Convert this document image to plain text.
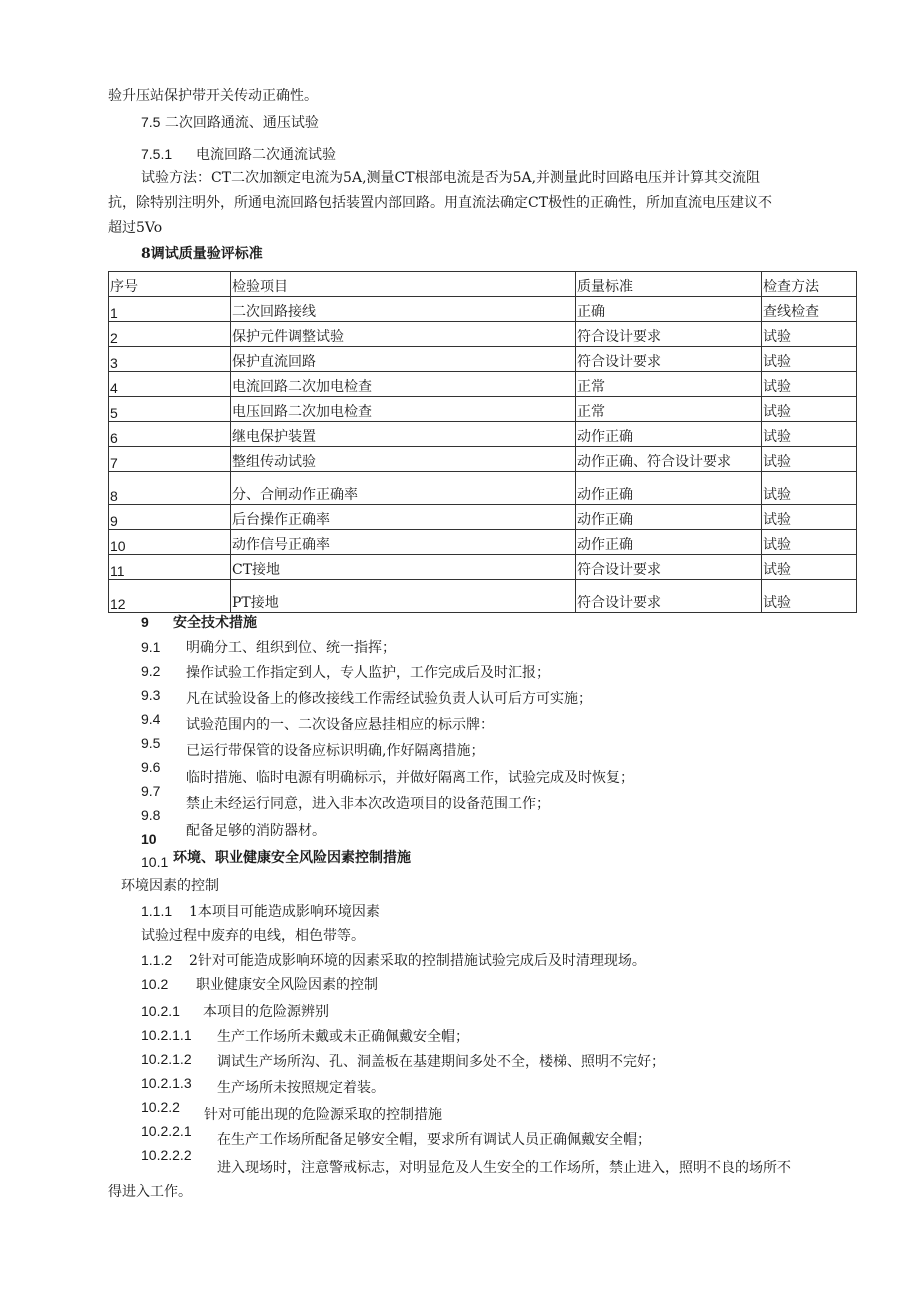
验升压站保护带开关传动正确性。
7.5 二次回路通流、通压试验
7.5.1 电流回路二次通流试验
试验方法：CT二次加额定电流为5A,测量CT根部电流是否为5A,并测量此时回路电压并计算其交流阻
抗，除特别注明外，所通电流回路包括装置内部回路。用直流法确定CT极性的正确性，所加直流电压建议不
超过5Vo
8调试质量验评标准
序号	检验项目	质量标准	检查方法
1	二次回路接线	正确	查线检查
2	保护元件调整试验	符合设计要求	试验
3	保护直流回路	符合设计要求	试验
4	电流回路二次加电检查	正常	试验
5	电压回路二次加电检查	正常	试验
6	继电保护装置	动作正确	试验
7	整组传动试验	动作正确、符合设计要求	试验
8	分、合闸动作正确率	动作正确	试验
9	后台操作正确率	动作正确	试验
10	动作信号正确率	动作正确	试验
11	CT接地	符合设计要求	试验
12	PT接地	符合设计要求	试验
9 安全技术措施
9.1
9.2
9.3
9.4
9.5
9.6
9.7
9.8
10
10.1
明确分工、组织到位、统一指挥；
操作试验工作指定到人，专人监护，工作完成后及时汇报；
凡在试验设备上的修改接线工作需经试验负责人认可后方可实施；
试验范围内的一、二次设备应悬挂相应的标示牌：
已运行带保管的设备应标识明确,作好隔离措施；
临时措施、临时电源有明确标示，并做好隔离工作，试验完成及时恢复；
禁止未经运行同意，进入非本次改造项目的设备范围工作；
配备足够的消防器材。
环境、职业健康安全风险因素控制措施
环境因素的控制
1.1.1 1本项目可能造成影响环境因素
试验过程中废弃的电线，相色带等。
1.1.2 2针对可能造成影响环境的因素采取的控制措施试验完成后及时清理现场。
10.2 职业健康安全风险因素的控制
10.2.1 本项目的危险源辨别
10.2.1.1
10.2.1.2
10.2.1.3
生产工作场所未戴或未正确佩戴安全帽；
调试生产场所沟、孔、洞盖板在基建期间多处不全，楼梯、照明不完好；
生产场所未按照规定着装。
10.2.2 针对可能出现的危险源采取的控制措施
10.2.2.1
10.2.2.2
在生产工作场所配备足够安全帽，要求所有调试人员正确佩戴安全帽；
进入现场时，注意警戒标志，对明显危及人生安全的工作场所，禁止进入，照明不良的场所不
得进入工作。
